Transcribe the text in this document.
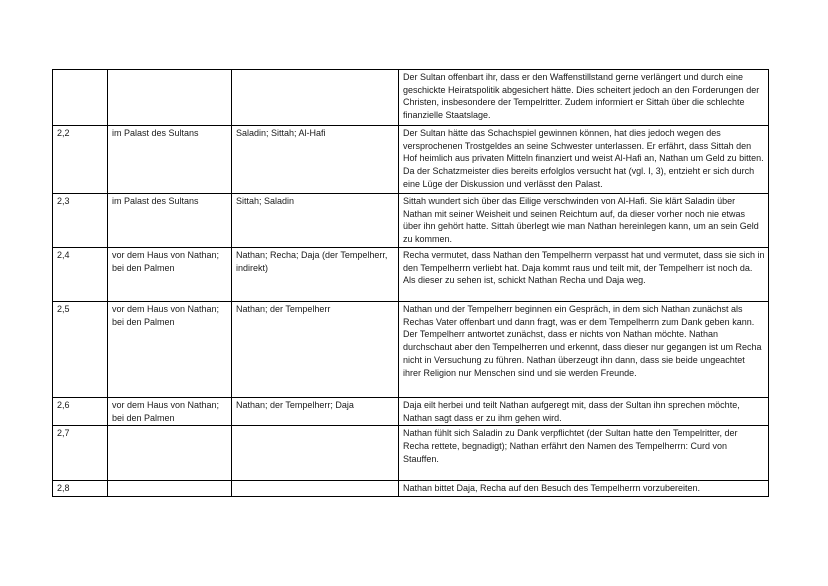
			Der Sultan offenbart ihr, dass er den Waffenstillstand gerne verlängert und durch eine geschickte Heiratspolitik abgesichert hätte. Dies scheitert jedoch an den Forderungen der Christen, insbesondere der Tempelritter. Zudem informiert er Sittah über die schlechte finanzielle Staatslage.
2,2	im Palast des Sultans	Saladin; Sittah; Al-Hafi	Der Sultan hätte das Schachspiel gewinnen können, hat dies jedoch wegen des versprochenen Trostgeldes an seine Schwester unterlassen. Er erfährt, dass Sittah den Hof heimlich aus privaten Mitteln finanziert und weist Al-Hafi an, Nathan um Geld zu bitten. Da der Schatzmeister dies bereits erfolglos versucht hat (vgl. I, 3), entzieht er sich durch eine Lüge der Diskussion und verlässt den Palast.
2,3	im Palast des Sultans	Sittah; Saladin	Sittah wundert sich über das Eilige verschwinden von Al-Hafi. Sie klärt Saladin über Nathan mit seiner Weisheit und seinen Reichtum auf, da dieser vorher noch nie etwas über ihn gehört hatte. Sittah überlegt wie man Nathan hereinlegen kann, um an sein Geld zu kommen.
2,4	vor dem Haus von Nathan; bei den Palmen	Nathan; Recha; Daja (der Tempelherr, indirekt)	Recha vermutet, dass Nathan den Tempelherrn verpasst hat und vermutet, dass sie sich in den Tempelherrn verliebt hat. Daja kommt raus und teilt mit, der Tempelherr ist noch da. Als dieser zu sehen ist, schickt Nathan Recha und Daja weg.
2,5	vor dem Haus von Nathan; bei den Palmen	Nathan; der Tempelherr	Nathan und der Tempelherr beginnen ein Gespräch, in dem sich Nathan zunächst als Rechas Vater offenbart und dann fragt, was er dem Tempelherrn zum Dank geben kann. Der Tempelherr antwortet zunächst, dass er nichts von Nathan möchte. Nathan durchschaut aber den Tempelherren und erkennt, dass dieser nur gegangen ist um Recha nicht in Versuchung zu führen. Nathan überzeugt ihn dann, dass sie beide ungeachtet ihrer Religion nur Menschen sind und sie werden Freunde.
2,6	vor dem Haus von Nathan; bei den Palmen	Nathan; der Tempelherr; Daja	Daja eilt herbei und teilt Nathan aufgeregt mit, dass der Sultan ihn sprechen möchte, Nathan sagt dass er zu ihm gehen wird.
2,7			Nathan fühlt sich Saladin zu Dank verpflichtet (der Sultan hatte den Tempelritter, der Recha rettete, begnadigt); Nathan erfährt den Namen des Tempelherrn: Curd von Stauffen.
2,8			Nathan bittet Daja, Recha auf den Besuch des Tempelherrn vorzubereiten.
